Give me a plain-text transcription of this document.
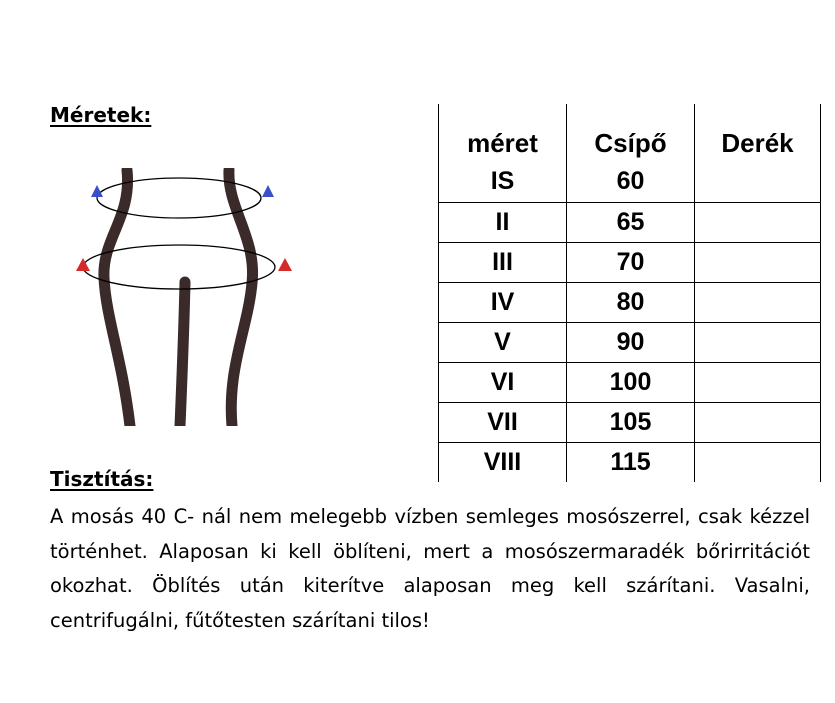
Méretek:
méret	Csípő	Derék
IS	60	
II	65	
III	70	
IV	80	
V	90	
VI	100	
VII	105	
VIII	115	
Tisztítás:

A mosás 40 C- nál nem melegebb vízben semleges mosószerrel, csak kézzel történhet. Alaposan ki kell öblíteni, mert a mosószermaradék bőrirritációt okozhat. Öblítés után kiterítve alaposan meg kell szárítani. Vasalni, centrifugálni, fűtőtesten szárítani tilos!
